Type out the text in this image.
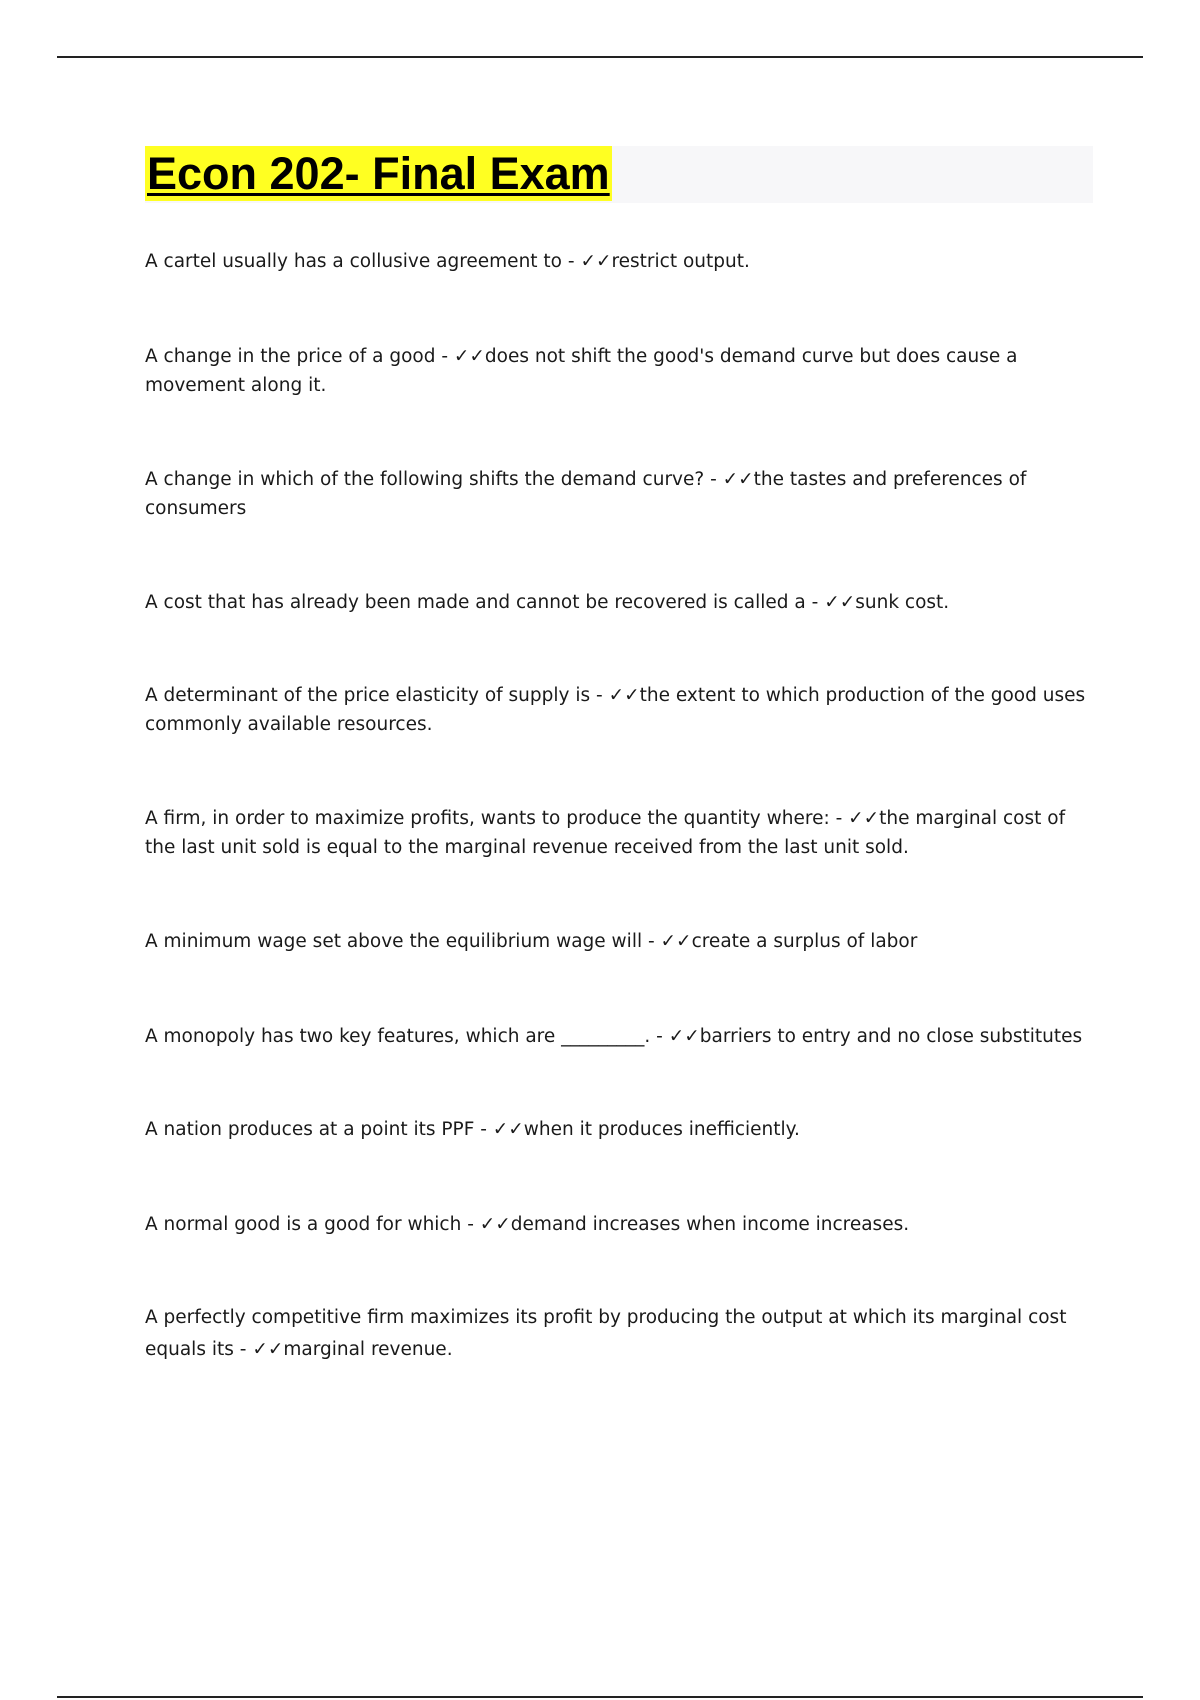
Econ 202- Final Exam

A cartel usually has a collusive agreement to - ✓✓restrict output.

A change in the price of a good - ✓✓does not shift the good's demand curve but does cause a movement along it.

A change in which of the following shifts the demand curve? - ✓✓the tastes and preferences of consumers

A cost that has already been made and cannot be recovered is called a - ✓✓sunk cost.

A determinant of the price elasticity of supply is - ✓✓the extent to which production of the good uses commonly available resources.

A firm, in order to maximize profits, wants to produce the quantity where: - ✓✓the marginal cost of the last unit sold is equal to the marginal revenue received from the last unit sold.

A minimum wage set above the equilibrium wage will - ✓✓create a surplus of labor

A monopoly has two key features, which are _________. - ✓✓barriers to entry and no close substitutes

A nation produces at a point its PPF - ✓✓when it produces inefficiently.

A normal good is a good for which - ✓✓demand increases when income increases.

A perfectly competitive firm maximizes its profit by producing the output at which its marginal cost equals its - ✓✓marginal revenue.
